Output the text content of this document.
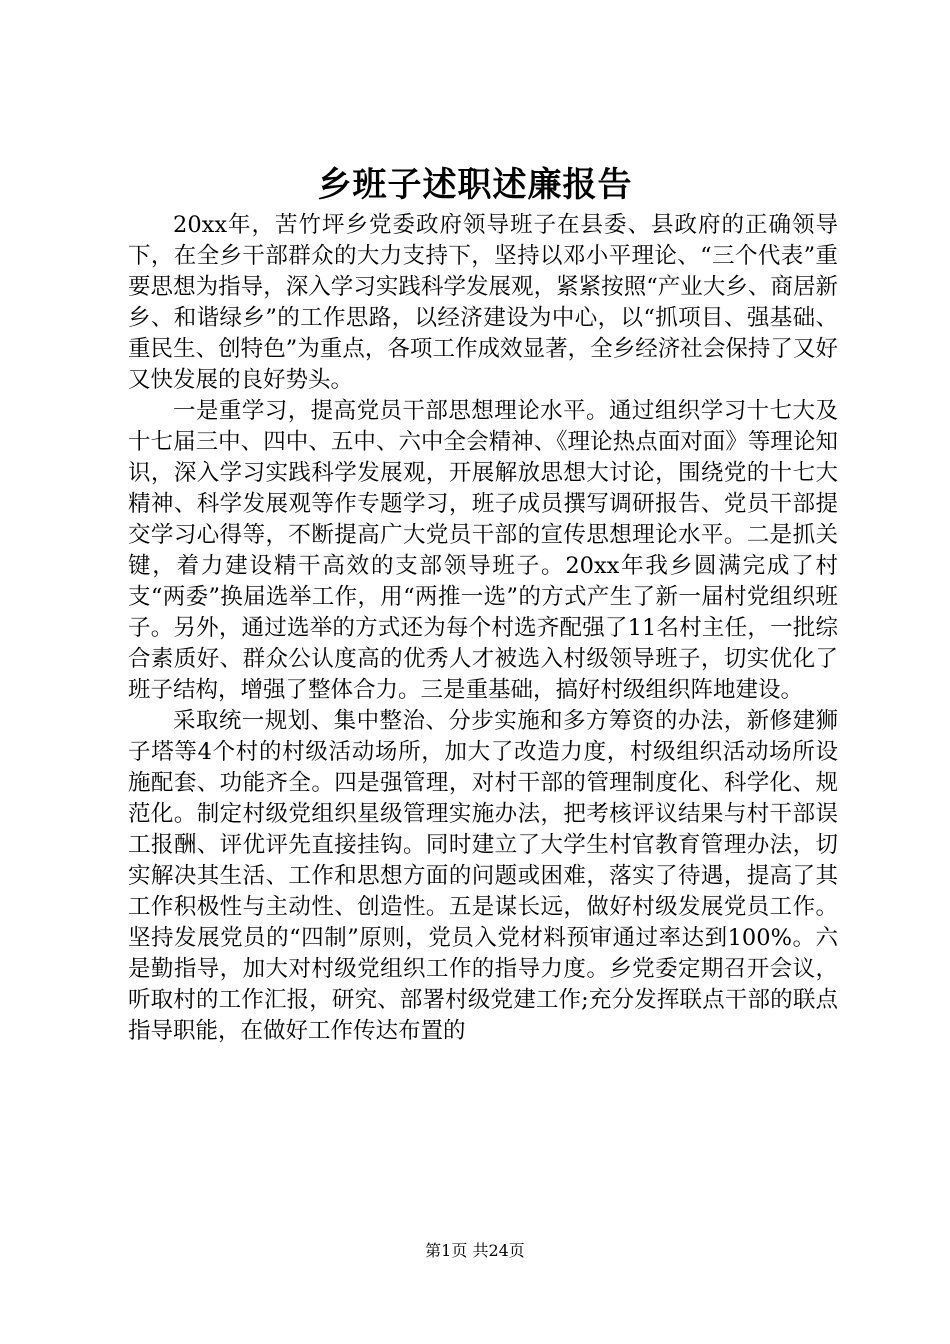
乡班子述职述廉报告

20xx年，苦竹坪乡党委政府领导班子在县委、县政府的正确领导下，在全乡干部群众的大力支持下，坚持以邓小平理论、“三个代表”重要思想为指导，深入学习实践科学发展观，紧紧按照“产业大乡、商居新乡、和谐绿乡”的工作思路，以经济建设为中心，以“抓项目、强基础、重民生、创特色”为重点，各项工作成效显著，全乡经济社会保持了又好又快发展的良好势头。

一是重学习，提高党员干部思想理论水平。通过组织学习十七大及十七届三中、四中、五中、六中全会精神、《理论热点面对面》等理论知识，深入学习实践科学发展观，开展解放思想大讨论，围绕党的十七大精神、科学发展观等作专题学习，班子成员撰写调研报告、党员干部提交学习心得等，不断提高广大党员干部的宣传思想理论水平。二是抓关键，着力建设精干高效的支部领导班子。20xx年我乡圆满完成了村支“两委”换届选举工作，用“两推一选”的方式产生了新一届村党组织班子。另外，通过选举的方式还为每个村选齐配强了11名村主任，一批综合素质好、群众公认度高的优秀人才被选入村级领导班子，切实优化了班子结构，增强了整体合力。三是重基础，搞好村级组织阵地建设。

采取统一规划、集中整治、分步实施和多方筹资的办法，新修建狮子塔等4个村的村级活动场所，加大了改造力度，村级组织活动场所设施配套、功能齐全。四是强管理，对村干部的管理制度化、科学化、规范化。制定村级党组织星级管理实施办法，把考核评议结果与村干部误工报酬、评优评先直接挂钩。同时建立了大学生村官教育管理办法，切实解决其生活、工作和思想方面的问题或困难，落实了待遇，提高了其工作积极性与主动性、创造性。五是谋长远，做好村级发展党员工作。坚持发展党员的“四制”原则，党员入党材料预审通过率达到100%。六是勤指导，加大对村级党组织工作的指导力度。乡党委定期召开会议，听取村的工作汇报，研究、部署村级党建工作;充分发挥联点干部的联点指导职能，在做好工作传达布置的

第1页 共24页
